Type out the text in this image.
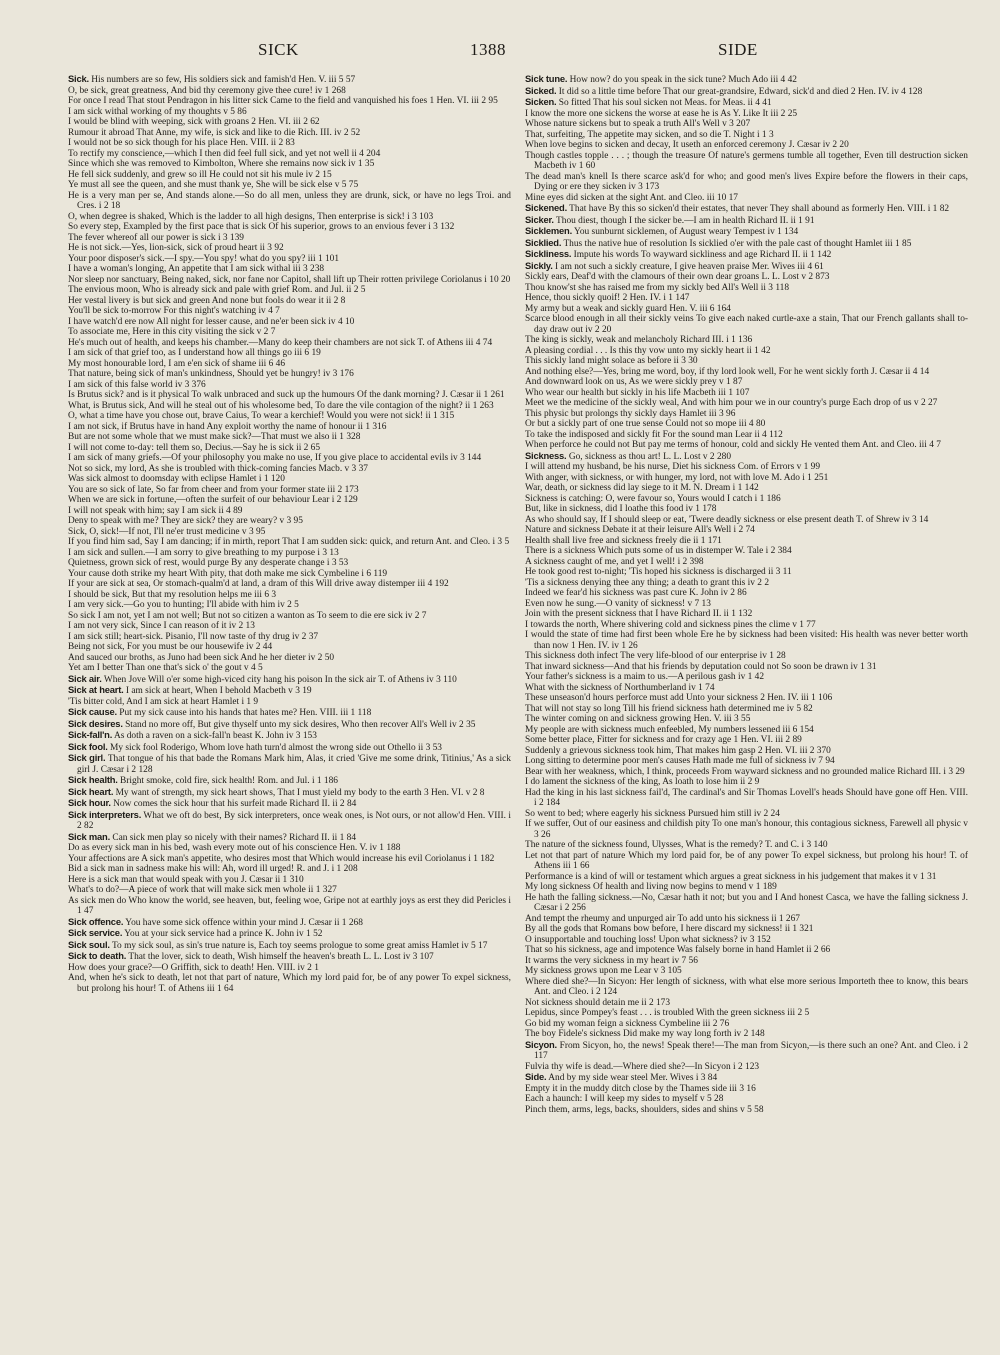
SICK	1388	SIDE

Sick. His numbers are so few, His soldiers sick and famish'd Hen. V. iii 5 57

O, be sick, great greatness, And bid thy ceremony give thee cure! iv 1 268

For once I read That stout Pendragon in his litter sick Came to the field and vanquished his foes 1 Hen. VI. iii 2 95

I am sick withal working of my thoughts v 5 86

I would be blind with weeping, sick with groans 2 Hen. VI. iii 2 62

Rumour it abroad That Anne, my wife, is sick and like to die Rich. III. iv 2 52

I would not be so sick though for his place Hen. VIII. ii 2 83

To rectify my conscience,—which I then did feel full sick, and yet not well ii 4 204

Since which she was removed to Kimbolton, Where she remains now sick iv 1 35

He fell sick suddenly, and grew so ill He could not sit his mule iv 2 15

Ye must all see the queen, and she must thank ye, She will be sick else v 5 75

He is a very man per se, And stands alone.—So do all men, unless they are drunk, sick, or have no legs Troi. and Cres. i 2 18

O, when degree is shaked, Which is the ladder to all high designs, Then enterprise is sick! i 3 103

So every step, Exampled by the first pace that is sick Of his superior, grows to an envious fever i 3 132

The fever whereof all our power is sick i 3 139

He is not sick.—Yes, lion-sick, sick of proud heart ii 3 92

Your poor disposer's sick.—I spy.—You spy! what do you spy? iii 1 101

I have a woman's longing, An appetite that I am sick withal iii 3 238

Nor sleep nor sanctuary, Being naked, sick, nor fane nor Capitol, shall lift up Their rotten privilege Coriolanus i 10 20

The envious moon, Who is already sick and pale with grief Rom. and Jul. ii 2 5

Her vestal livery is but sick and green And none but fools do wear it ii 2 8

You'll be sick to-morrow For this night's watching iv 4 7

I have watch'd ere now All night for lesser cause, and ne'er been sick iv 4 10

To associate me, Here in this city visiting the sick v 2 7

He's much out of health, and keeps his chamber.—Many do keep their chambers are not sick T. of Athens iii 4 74

I am sick of that grief too, as I understand how all things go iii 6 19

My most honourable lord, I am e'en sick of shame iii 6 46

That nature, being sick of man's unkindness, Should yet be hungry! iv 3 176

I am sick of this false world iv 3 376

Is Brutus sick? and is it physical To walk unbraced and suck up the humours Of the dank morning? J. Cæsar ii 1 261

What, is Brutus sick, And will he steal out of his wholesome bed, To dare the vile contagion of the night? ii 1 263

O, what a time have you chose out, brave Caius, To wear a kerchief! Would you were not sick! ii 1 315

I am not sick, if Brutus have in hand Any exploit worthy the name of honour ii 1 316

But are not some whole that we must make sick?—That must we also ii 1 328

I will not come to-day: tell them so, Decius.—Say he is sick ii 2 65

I am sick of many griefs.—Of your philosophy you make no use, If you give place to accidental evils iv 3 144

Not so sick, my lord, As she is troubled with thick-coming fancies Macb. v 3 37

Was sick almost to doomsday with eclipse Hamlet i 1 120

You are so sick of late, So far from cheer and from your former state iii 2 173

When we are sick in fortune,—often the surfeit of our behaviour Lear i 2 129

I will not speak with him; say I am sick ii 4 89

Deny to speak with me? They are sick? they are weary? v 3 95

Sick, O, sick!—If not, I'll ne'er trust medicine v 3 95

If you find him sad, Say I am dancing; if in mirth, report That I am sudden sick: quick, and return Ant. and Cleo. i 3 5

I am sick and sullen.—I am sorry to give breathing to my purpose i 3 13

Quietness, grown sick of rest, would purge By any desperate change i 3 53

Your cause doth strike my heart With pity, that doth make me sick Cymbeline i 6 119

If your are sick at sea, Or stomach-qualm'd at land, a dram of this Will drive away distemper iii 4 192

I should be sick, But that my resolution helps me iii 6 3

I am very sick.—Go you to hunting; I'll abide with him iv 2 5

So sick I am not, yet I am not well; But not so citizen a wanton as To seem to die ere sick iv 2 7

I am not very sick, Since I can reason of it iv 2 13

I am sick still; heart-sick. Pisanio, I'll now taste of thy drug iv 2 37

Being not sick, For you must be our housewife iv 2 44

And sauced our broths, as Juno had been sick And he her dieter iv 2 50

Yet am I better Than one that's sick o' the gout v 4 5

Sick air. When Jove Will o'er some high-viced city hang his poison In the sick air T. of Athens iv 3 110

Sick at heart. I am sick at heart, When I behold Macbeth v 3 19

'Tis bitter cold, And I am sick at heart Hamlet i 1 9

Sick cause. Put my sick cause into his hands that hates me? Hen. VIII. iii 1 118

Sick desires. Stand no more off, But give thyself unto my sick desires, Who then recover All's Well iv 2 35

Sick-fall'n. As doth a raven on a sick-fall'n beast K. John iv 3 153

Sick fool. My sick fool Roderigo, Whom love hath turn'd almost the wrong side out Othello ii 3 53

Sick girl. That tongue of his that bade the Romans Mark him, Alas, it cried 'Give me some drink, Titinius,' As a sick girl J. Cæsar i 2 128

Sick health. Bright smoke, cold fire, sick health! Rom. and Jul. i 1 186

Sick heart. My want of strength, my sick heart shows, That I must yield my body to the earth 3 Hen. VI. v 2 8

Sick hour. Now comes the sick hour that his surfeit made Richard II. ii 2 84

Sick interpreters. What we oft do best, By sick interpreters, once weak ones, is Not ours, or not allow'd Hen. VIII. i 2 82

Sick man. Can sick men play so nicely with their names? Richard II. ii 1 84

Do as every sick man in his bed, wash every mote out of his conscience Hen. V. iv 1 188

Your affections are A sick man's appetite, who desires most that Which would increase his evil Coriolanus i 1 182

Bid a sick man in sadness make his will: Ah, word ill urged! R. and J. i 1 208

Here is a sick man that would speak with you J. Cæsar ii 1 310

What's to do?—A piece of work that will make sick men whole ii 1 327

As sick men do Who know the world, see heaven, but, feeling woe, Gripe not at earthly joys as erst they did Pericles i 1 47

Sick offence. You have some sick offence within your mind J. Cæsar ii 1 268

Sick service. You at your sick service had a prince K. John iv 1 52

Sick soul. To my sick soul, as sin's true nature is, Each toy seems prologue to some great amiss Hamlet iv 5 17

Sick to death. That the lover, sick to death, Wish himself the heaven's breath L. L. Lost iv 3 107

How does your grace?—O Griffith, sick to death! Hen. VIII. iv 2 1

And, when he's sick to death, let not that part of nature, Which my lord paid for, be of any power To expel sickness, but prolong his hour! T. of Athens iii 1 64

Sick tune. How now? do you speak in the sick tune? Much Ado iii 4 42

Sicked. It did so a little time before That our great-grandsire, Edward, sick'd and died 2 Hen. IV. iv 4 128

Sicken. So fitted That his soul sicken not Meas. for Meas. ii 4 41

I know the more one sickens the worse at ease he is As Y. Like It iii 2 25

Whose nature sickens but to speak a truth All's Well v 3 207

That, surfeiting, The appetite may sicken, and so die T. Night i 1 3

When love begins to sicken and decay, It useth an enforced ceremony J. Cæsar iv 2 20

Though castles topple . . . ; though the treasure Of nature's germens tumble all together, Even till destruction sicken Macbeth iv 1 60

The dead man's knell Is there scarce ask'd for who; and good men's lives Expire before the flowers in their caps, Dying or ere they sicken iv 3 173

Mine eyes did sicken at the sight Ant. and Cleo. iii 10 17

Sickened. That have By this so sicken'd their estates, that never They shall abound as formerly Hen. VIII. i 1 82

Sicker. Thou diest, though I the sicker be.—I am in health Richard II. ii 1 91

Sicklemen. You sunburnt sicklemen, of August weary Tempest iv 1 134

Sicklied. Thus the native hue of resolution Is sicklied o'er with the pale cast of thought Hamlet iii 1 85

Sickliness. Impute his words To wayward sickliness and age Richard II. ii 1 142

Sickly. I am not such a sickly creature, I give heaven praise Mer. Wives iii 4 61

Sickly ears, Deaf'd with the clamours of their own dear groans L. L. Lost v 2 873

Thou know'st she has raised me from my sickly bed All's Well ii 3 118

Hence, thou sickly quoif! 2 Hen. IV. i 1 147

My army but a weak and sickly guard Hen. V. iii 6 164

Scarce blood enough in all their sickly veins To give each naked curtle-axe a stain, That our French gallants shall to-day draw out iv 2 20

The king is sickly, weak and melancholy Richard III. i 1 136

A pleasing cordial . . . Is this thy vow unto my sickly heart ii 1 42

This sickly land might solace as before ii 3 30

And nothing else?—Yes, bring me word, boy, if thy lord look well, For he went sickly forth J. Cæsar ii 4 14

And downward look on us, As we were sickly prey v 1 87

Who wear our health but sickly in his life Macbeth iii 1 107

Meet we the medicine of the sickly weal, And with him pour we in our country's purge Each drop of us v 2 27

This physic but prolongs thy sickly days Hamlet iii 3 96

Or but a sickly part of one true sense Could not so mope iii 4 80

To take the indisposed and sickly fit For the sound man Lear ii 4 112

When perforce he could not But pay me terms of honour, cold and sickly He vented them Ant. and Cleo. iii 4 7

Sickness. Go, sickness as thou art! L. L. Lost v 2 280

I will attend my husband, be his nurse, Diet his sickness Com. of Errors v 1 99

With anger, with sickness, or with hunger, my lord, not with love M. Ado i 1 251

War, death, or sickness did lay siege to it M. N. Dream i 1 142

Sickness is catching: O, were favour so, Yours would I catch i 1 186

But, like in sickness, did I loathe this food iv 1 178

As who should say, If I should sleep or eat, 'Twere deadly sickness or else present death T. of Shrew iv 3 14

Nature and sickness Debate it at their leisure All's Well i 2 74

Health shall live free and sickness freely die ii 1 171

There is a sickness Which puts some of us in distemper W. Tale i 2 384

A sickness caught of me, and yet I well! i 2 398

He took good rest to-night; 'Tis hoped his sickness is discharged ii 3 11

'Tis a sickness denying thee any thing; a death to grant this iv 2 2

Indeed we fear'd his sickness was past cure K. John iv 2 86

Even now he sung.—O vanity of sickness! v 7 13

Join with the present sickness that I have Richard II. ii 1 132

I towards the north, Where shivering cold and sickness pines the clime v 1 77

I would the state of time had first been whole Ere he by sickness had been visited: His health was never better worth than now 1 Hen. IV. iv 1 26

This sickness doth infect The very life-blood of our enterprise iv 1 28

That inward sickness—And that his friends by deputation could not So soon be drawn iv 1 31

Your father's sickness is a maim to us.—A perilous gash iv 1 42

What with the sickness of Northumberland iv 1 74

These unseason'd hours perforce must add Unto your sickness 2 Hen. IV. iii 1 106

That will not stay so long Till his friend sickness hath determined me iv 5 82

The winter coming on and sickness growing Hen. V. iii 3 55

My people are with sickness much enfeebled, My numbers lessened iii 6 154

Some better place, Fitter for sickness and for crazy age 1 Hen. VI. iii 2 89

Suddenly a grievous sickness took him, That makes him gasp 2 Hen. VI. iii 2 370

Long sitting to determine poor men's causes Hath made me full of sickness iv 7 94

Bear with her weakness, which, I think, proceeds From wayward sickness and no grounded malice Richard III. i 3 29

I do lament the sickness of the king, As loath to lose him ii 2 9

Had the king in his last sickness fail'd, The cardinal's and Sir Thomas Lovell's heads Should have gone off Hen. VIII. i 2 184

So went to bed; where eagerly his sickness Pursued him still iv 2 24

If we suffer, Out of our easiness and childish pity To one man's honour, this contagious sickness, Farewell all physic v 3 26

The nature of the sickness found, Ulysses, What is the remedy? T. and C. i 3 140

Let not that part of nature Which my lord paid for, be of any power To expel sickness, but prolong his hour! T. of Athens iii 1 66

Performance is a kind of will or testament which argues a great sickness in his judgement that makes it v 1 31

My long sickness Of health and living now begins to mend v 1 189

He hath the falling sickness.—No, Cæsar hath it not; but you and I And honest Casca, we have the falling sickness J. Cæsar i 2 256

And tempt the rheumy and unpurged air To add unto his sickness ii 1 267

By all the gods that Romans bow before, I here discard my sickness! ii 1 321

O insupportable and touching loss! Upon what sickness? iv 3 152

That so his sickness, age and impotence Was falsely borne in hand Hamlet ii 2 66

It warms the very sickness in my heart iv 7 56

My sickness grows upon me Lear v 3 105

Where died she?—In Sicyon: Her length of sickness, with what else more serious Importeth thee to know, this bears Ant. and Cleo. i 2 124

Not sickness should detain me ii 2 173

Lepidus, since Pompey's feast . . . is troubled With the green sickness iii 2 5

Go bid my woman feign a sickness Cymbeline iii 2 76

The boy Fidele's sickness Did make my way long forth iv 2 148

Sicyon. From Sicyon, ho, the news! Speak there!—The man from Sicyon,—is there such an one? Ant. and Cleo. i 2 117

Fulvia thy wife is dead.—Where died she?—In Sicyon i 2 123

Side. And by my side wear steel Mer. Wives i 3 84

Empty it in the muddy ditch close by the Thames side iii 3 16

Each a haunch: I will keep my sides to myself v 5 28

Pinch them, arms, legs, backs, shoulders, sides and shins v 5 58
